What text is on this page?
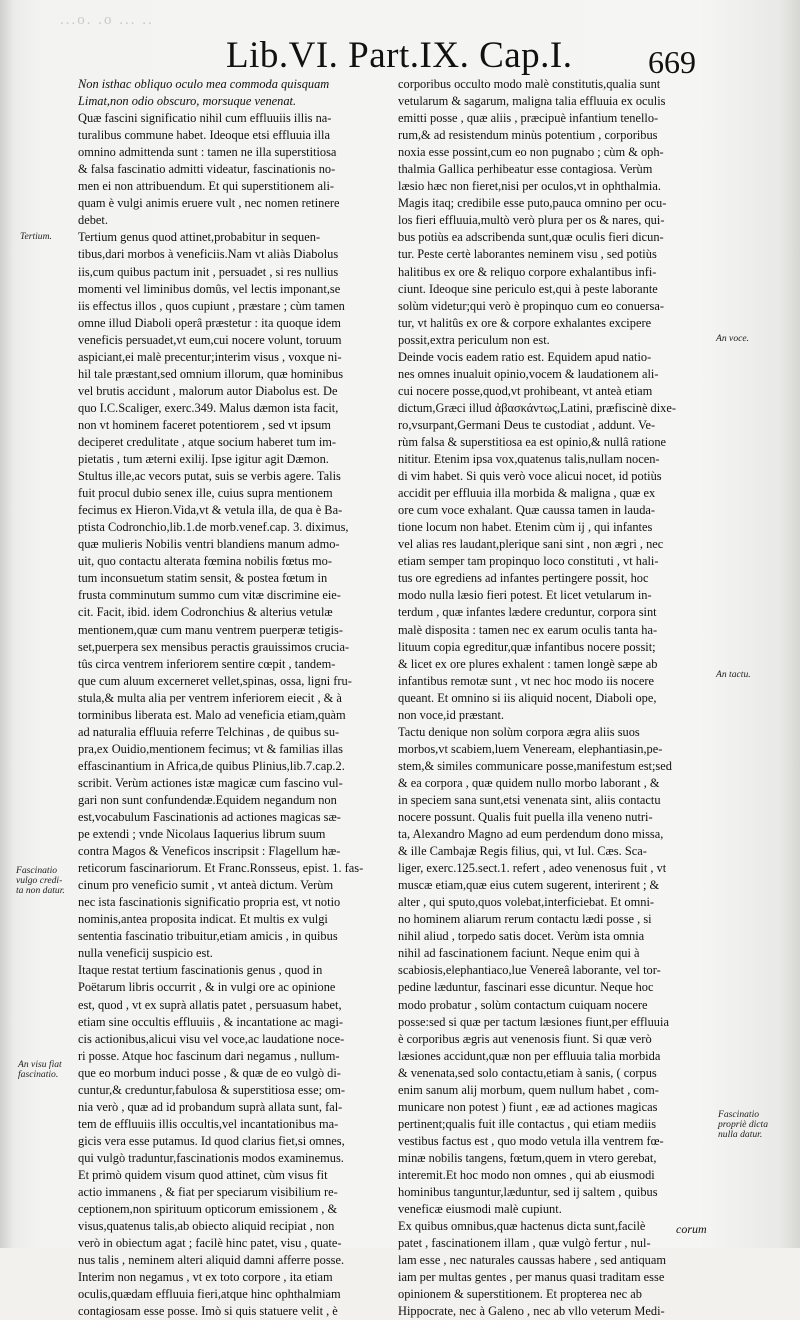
...o. .o ... ..
Lib.VI. Part.IX. Cap.I. 669
Non isthac obliquo oculo mea commoda quisquam
Limat,non odio obscuro, morsuque venenat.
Quæ fascini significatio nihil cum effluuiis illis na-
turalibus commune habet. Ideoque etsi effluuia illa
omnino admittenda sunt : tamen ne illa superstitiosa
& falsa fascinatio admitti videatur, fascinationis no-
men ei non attribuendum. Et qui superstitionem ali-
quam è vulgi animis eruere vult , nec nomen retinere
debet.
Tertium genus quod attinet,probabitur in sequen-
tibus,dari morbos à veneficiis.Nam vt aliàs Diabolus
iis,cum quibus pactum init , persuadet , si res nullius
momenti vel liminibus domûs, vel lectis imponant,se
iis effectus illos , quos cupiunt , præstare ; cùm tamen
omne illud Diaboli operâ præstetur : ita quoque idem
veneficis persuadet,vt eum,cui nocere volunt, toruum
aspiciant,ei malè precentur;interim visus , voxque ni-
hil tale præstant,sed omnium illorum, quæ hominibus
vel brutis accidunt , malorum autor Diabolus est. De
quo I.C.Scaliger, exerc.349. Malus dæmon ista facit,
non vt hominem faceret potentiorem , sed vt ipsum
deciperet credulitate , atque socium haberet tum im-
pietatis , tum æterni exilij. Ipse igitur agit Dæmon.
Stultus ille,ac vecors putat, suis se verbis agere. Talis
fuit procul dubio senex ille, cuius supra mentionem
fecimus ex Hieron.Vida,vt & vetula illa, de qua è Ba-
ptista Codronchio,lib.1.de morb.venef.cap. 3. diximus,
quæ mulieris Nobilis ventri blandiens manum admo-
uit, quo contactu alterata fœmina nobilis fœtus mo-
tum inconsuetum statim sensit, & postea fœtum in
frusta comminutum summo cum vitæ discrimine eie-
cit. Facit, ibid. idem Codronchius & alterius vetulæ
mentionem,quæ cum manu ventrem puerperæ tetigis-
set,puerpera sex mensibus peractis grauissimos crucia-
tûs circa ventrem inferiorem sentire cœpit , tandem-
que cum aluum excerneret vellet,spinas, ossa, ligni fru-
stula,& multa alia per ventrem inferiorem eiecit , & à
torminibus liberata est. Malo ad veneficia etiam,quàm
ad naturalia effluuia referre Telchinas , de quibus su-
pra,ex Ouidio,mentionem fecimus; vt & familias illas
effascinantium in Africa,de quibus Plinius,lib.7.cap.2.
scribit. Verùm actiones istæ magicæ cum fascino vul-
gari non sunt confundendæ.Equidem negandum non
est,vocabulum Fascinationis ad actiones magicas sæ-
pe extendi ; vnde Nicolaus Iaquerius librum suum
contra Magos & Veneficos inscripsit : Flagellum hæ-
reticorum fascinariorum. Et Franc.Ronsseus, epist. 1. fas-
cinum pro veneficio sumit , vt anteà dictum. Verùm
nec ista fascinationis significatio propria est, vt notio
nominis,antea proposita indicat. Et multis ex vulgi
sententia fascinatio tribuitur,etiam amicis , in quibus
nulla veneficij suspicio est.
Itaque restat tertium fascinationis genus , quod in
Poëtarum libris occurrit , & in vulgi ore ac opinione
est, quod , vt ex suprà allatis patet , persuasum habet,
etiam sine occultis effluuiis , & incantatione ac magi-
cis actionibus,alicui visu vel voce,ac laudatione noce-
ri posse. Atque hoc fascinum dari negamus , nullum-
que eo morbum induci posse , & quæ de eo vulgò di-
cuntur,& creduntur,fabulosa & superstitiosa esse; om-
nia verò , quæ ad id probandum suprà allata sunt, fal-
tem de effluuiis illis occultis,vel incantationibus ma-
gicis vera esse putamus. Id quod clarius fiet,si omnes,
qui vulgò traduntur,fascinationis modos examinemus.
Et primò quidem visum quod attinet, cùm visus fit
actio immanens , & fiat per speciarum visibilium re-
ceptionem,non spirituum opticorum emissionem , &
visus,quatenus talis,ab obiecto aliquid recipiat , non
verò in obiectum agat ; facilè hinc patet, visu , quate-
nus talis , neminem alteri aliquid damni afferre posse.
Interim non negamus , vt ex toto corpore , ita etiam
oculis,quædam effluuia fieri,atque hinc ophthalmiam
contagiosam esse posse. Imò si quis statuere velit , è
corporibus occulto modo malè constitutis,qualia sunt
vetularum & sagarum, maligna talia effluuia ex oculis
emitti posse , quæ aliis , præcipuè infantium tenello-
rum,& ad resistendum minùs potentium , corporibus
noxia esse possint,cum eo non pugnabo ; cùm & oph-
thalmia Gallica perhibeatur esse contagiosa. Verùm
læsio hæc non fieret,nisi per oculos,vt in ophthalmia.
Magis itaq; credibile esse puto,pauca omnino per ocu-
los fieri effluuia,multò verò plura per os & nares, qui-
bus potiùs ea adscribenda sunt,quæ oculis fieri dicun-
tur. Peste certè laborantes neminem visu , sed potiùs
halitibus ex ore & reliquo corpore exhalantibus infi-
ciunt. Ideoque sine periculo est,qui à peste laborante
solùm videtur;qui verò è propinquo cum eo conuersa-
tur, vt halitûs ex ore & corpore exhalantes excipere
possit,extra periculum non est.
Deinde vocis eadem ratio est. Equidem apud natio-
nes omnes inualuit opinio,vocem & laudationem ali-
cui nocere posse,quod,vt prohibeant, vt anteà etiam
dictum,Græci illud ἀβασκάντως,Latini, præfiscinè dixe-
ro,vsurpant,Germani Deus te custodiat , addunt. Ve-
rùm falsa & superstitiosa ea est opinio,& nullâ ratione
nititur. Etenim ipsa vox,quatenus talis,nullam nocen-
di vim habet. Si quis verò voce alicui nocet, id potiùs
accidit per effluuia illa morbida & maligna , quæ ex
ore cum voce exhalant. Quæ caussa tamen in lauda-
tione locum non habet. Etenim cùm ij , qui infantes
vel alias res laudant,plerique sani sint , non ægri , nec
etiam semper tam propinquo loco constituti , vt hali-
tus ore egrediens ad infantes pertingere possit, hoc
modo nulla læsio fieri potest. Et licet vetularum in-
terdum , quæ infantes lædere creduntur, corpora sint
malè disposita : tamen nec ex earum oculis tanta ha-
lituum copia egreditur,quæ infantibus nocere possit;
& licet ex ore plures exhalent : tamen longè sæpe ab
infantibus remotæ sunt , vt nec hoc modo iis nocere
queant. Et omnino si iis aliquid nocent, Diaboli ope,
non voce,id præstant.
Tactu denique non solùm corpora ægra aliis suos
morbos,vt scabiem,luem Veneream, elephantiasin,pe-
stem,& similes communicare posse,manifestum est;sed
& ea corpora , quæ quidem nullo morbo laborant , &
in speciem sana sunt,etsi venenata sint, aliis contactu
nocere possunt. Qualis fuit puella illa veneno nutri-
ta, Alexandro Magno ad eum perdendum dono missa,
& ille Cambajæ Regis filius, qui, vt Iul. Cæs. Sca-
liger, exerc.125.sect.1. refert , adeo venenosus fuit , vt
muscæ etiam,quæ eius cutem sugerent, interirent ; &
alter , qui sputo,quos volebat,interficiebat. Et omni-
no hominem aliarum rerum contactu lædi posse , si
nihil aliud , torpedo satis docet. Verùm ista omnia
nihil ad fascinationem faciunt. Neque enim qui à
scabiosis,elephantiaco,lue Venereâ laborante, vel tor-
pedine læduntur, fascinari esse dicuntur. Neque hoc
modo probatur , solùm contactum cuiquam nocere
posse:sed si quæ per tactum læsiones fiunt,per effluuia
è corporibus ægris aut venenosis fiunt. Si quæ verò
læsiones accidunt,quæ non per effluuia talia morbida
& venenata,sed solo contactu,etiam à sanis, ( corpus
enim sanum alij morbum, quem nullum habet , com-
municare non potest ) fiunt , eæ ad actiones magicas
pertinent;qualis fuit ille contactus , qui etiam mediis
vestibus factus est , quo modo vetula illa ventrem fœ-
minæ nobilis tangens, fœtum,quem in vtero gerebat,
interemit.Et hoc modo non omnes , qui ab eiusmodi
hominibus tanguntur,læduntur, sed ij saltem , quibus
veneficæ eiusmodi malè cupiunt.
Ex quibus omnibus,quæ hactenus dicta sunt,facilè
patet , fascinationem illam , quæ vulgò fertur , nul-
lam esse , nec naturales caussas habere , sed antiquam
iam per multas gentes , per manus quasi traditam esse
opinionem & superstitionem. Et propterea nec ab
Hippocrate, nec à Galeno , nec ab vllo veterum Medi-
Tertium.
Fascinatio
vulgo credi-
ta non datur.
An visu fiat
fascinatio.
An voce.
An tactu.
Fascinatio
propriè dicta
nulla datur.
corum
